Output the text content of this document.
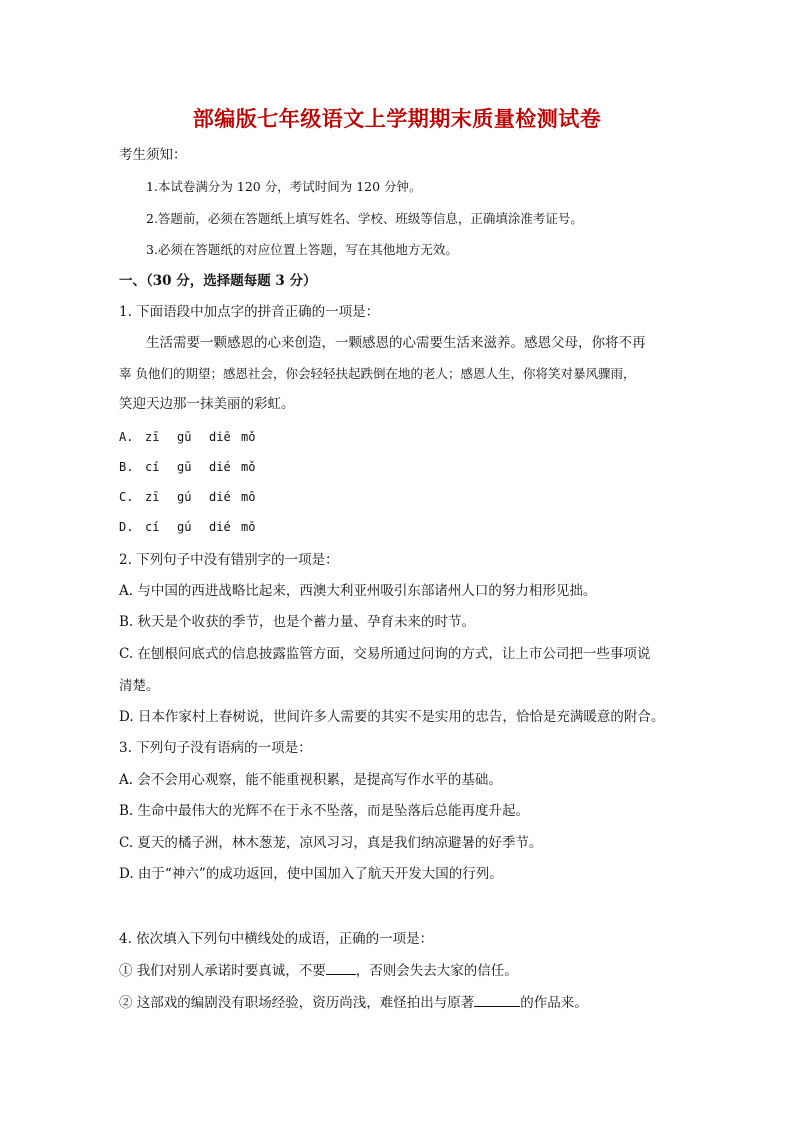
部编版七年级语文上学期期末质量检测试卷
考生须知：
1.本试卷满分为 120 分，考试时间为 120 分钟。
2.答题前，必须在答题纸上填写姓名、学校、班级等信息，正确填涂准考证号。
3.必须在答题纸的对应位置上答题，写在其他地方无效。
一、（30 分，选择题每题 3 分）
1. 下面语段中加点字的拼音正确的一项是：
生活需要一颗感恩的心来创造，一颗感恩的心需要生活来滋养。感恩父母，你将不再
辜 负他们的期望；感恩社会，你会轻轻扶起跌倒在地的老人；感恩人生，你将笑对暴风骤雨，
笑迎天边那一抹美丽的彩虹。
A. zī gū diē mǒ
B. cí gū dié mǒ
C. zī gú dié mō
D. cí gú dié mō
2. 下列句子中没有错别字的一项是：
A. 与中国的西进战略比起来，西澳大利亚州吸引东部诸州人口的努力相形见拙。
B. 秋天是个收获的季节，也是个蓄力量、孕育未来的时节。
C. 在刨根问底式的信息披露监管方面，交易所通过问询的方式，让上市公司把一些事项说
清楚。
D. 日本作家村上春树说，世间许多人需要的其实不是实用的忠告，恰恰是充满暖意的附合。
3. 下列句子没有语病的一项是：
A. 会不会用心观察，能不能重视积累，是提高写作水平的基础。
B. 生命中最伟大的光辉不在于永不坠落，而是坠落后总能再度升起。
C. 夏天的橘子洲，林木葱茏，凉风习习，真是我们纳凉避暑的好季节。
D. 由于“神六”的成功返回，使中国加入了航天开发大国的行列。
4. 依次填入下列句中横线处的成语，正确的一项是：
① 我们对别人承诺时要真诚，不要 ，否则会失去大家的信任。
② 这部戏的编剧没有职场经验，资历尚浅，难怪拍出与原著	的作品来。
